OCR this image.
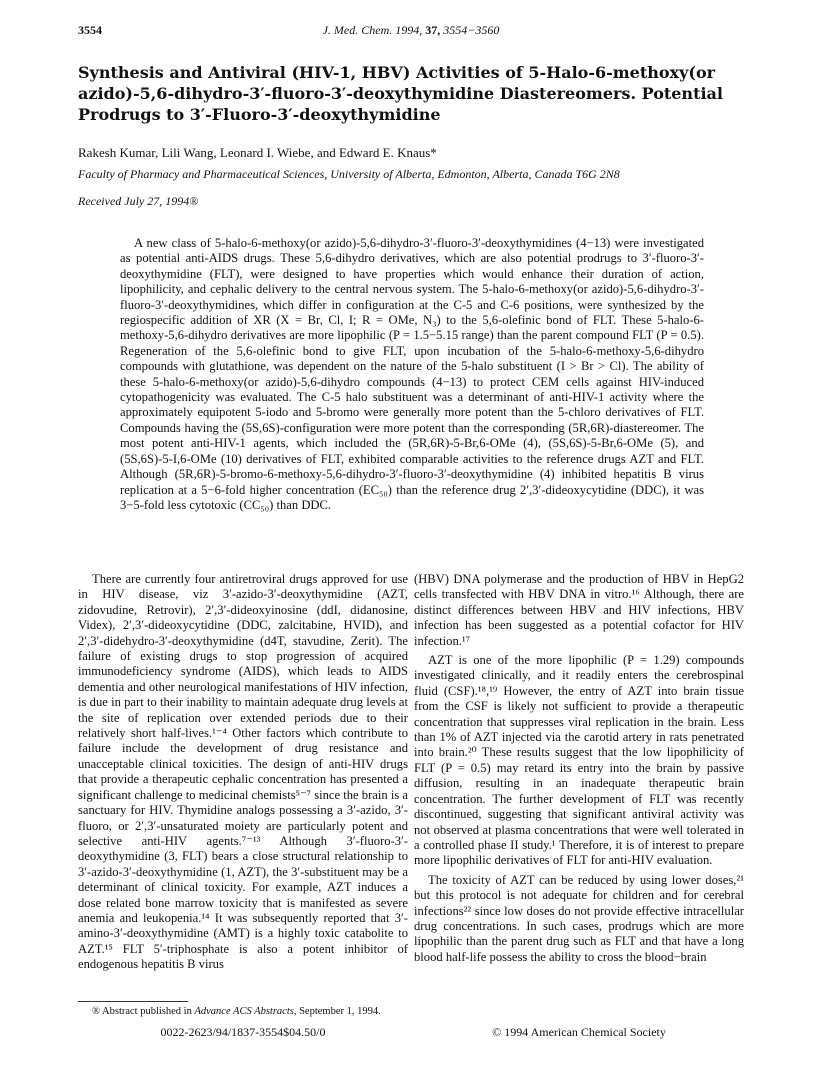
3554	J. Med. Chem. 1994, 37, 3554−3560
Synthesis and Antiviral (HIV-1, HBV) Activities of 5-Halo-6-methoxy(or azido)-5,6-dihydro-3′-fluoro-3′-deoxythymidine Diastereomers. Potential Prodrugs to 3′-Fluoro-3′-deoxythymidine
Rakesh Kumar, Lili Wang, Leonard I. Wiebe, and Edward E. Knaus*
Faculty of Pharmacy and Pharmaceutical Sciences, University of Alberta, Edmonton, Alberta, Canada T6G 2N8
Received July 27, 1994®

A new class of 5-halo-6-methoxy(or azido)-5,6-dihydro-3′-fluoro-3′-deoxythymidines (4−13) were investigated as potential anti-AIDS drugs. These 5,6-dihydro derivatives, which are also potential prodrugs to 3′-fluoro-3′-deoxythymidine (FLT), were designed to have properties which would enhance their duration of action, lipophilicity, and cephalic delivery to the central nervous system. The 5-halo-6-methoxy(or azido)-5,6-dihydro-3′-fluoro-3′-deoxythymidines, which differ in configuration at the C-5 and C-6 positions, were synthesized by the regiospecific addition of XR (X = Br, Cl, I; R = OMe, N₃) to the 5,6-olefinic bond of FLT. These 5-halo-6-methoxy-5,6-dihydro derivatives are more lipophilic (P = 1.5−5.15 range) than the parent compound FLT (P = 0.5). Regeneration of the 5,6-olefinic bond to give FLT, upon incubation of the 5-halo-6-methoxy-5,6-dihydro compounds with glutathione, was dependent on the nature of the 5-halo substituent (I > Br > Cl). The ability of these 5-halo-6-methoxy(or azido)-5,6-dihydro compounds (4−13) to protect CEM cells against HIV-induced cytopathogenicity was evaluated. The C-5 halo substituent was a determinant of anti-HIV-1 activity where the approximately equipotent 5-iodo and 5-bromo were generally more potent than the 5-chloro derivatives of FLT. Compounds having the (5S,6S)-configuration were more potent than the corresponding (5R,6R)-diastereomer. The most potent anti-HIV-1 agents, which included the (5R,6R)-5-Br,6-OMe (4), (5S,6S)-5-Br,6-OMe (5), and (5S,6S)-5-I,6-OMe (10) derivatives of FLT, exhibited comparable activities to the reference drugs AZT and FLT. Although (5R,6R)-5-bromo-6-methoxy-5,6-dihydro-3′-fluoro-3′-deoxythymidine (4) inhibited hepatitis B virus replication at a 5−6-fold higher concentration (EC₅₀) than the reference drug 2′,3′-dideoxycytidine (DDC), it was 3−5-fold less cytotoxic (CC₅₀) than DDC.

There are currently four antiretroviral drugs approved for use in HIV disease, viz 3′-azido-3′-deoxythymidine (AZT, zidovudine, Retrovir), 2′,3′-dideoxyinosine (ddI, didanosine, Videx), 2′,3′-dideoxycytidine (DDC, zalcitabine, HVID), and 2′,3′-didehydro-3′-deoxythymidine (d4T, stavudine, Zerit). The failure of existing drugs to stop progression of acquired immunodeficiency syndrome (AIDS), which leads to AIDS dementia and other neurological manifestations of HIV infection, is due in part to their inability to maintain adequate drug levels at the site of replication over extended periods due to their relatively short half-lives.¹⁻⁴ Other factors which contribute to failure include the development of drug resistance and unacceptable clinical toxicities. The design of anti-HIV drugs that provide a therapeutic cephalic concentration has presented a significant challenge to medicinal chemists⁵⁻⁷ since the brain is a sanctuary for HIV. Thymidine analogs possessing a 3′-azido, 3′-fluoro, or 2′,3′-unsaturated moiety are particularly potent and selective anti-HIV agents.⁷⁻¹³ Although 3′-fluoro-3′-deoxythymidine (3, FLT) bears a close structural relationship to 3′-azido-3′-deoxythymidine (1, AZT), the 3′-substituent may be a determinant of clinical toxicity. For example, AZT induces a dose related bone marrow toxicity that is manifested as severe anemia and leukopenia.¹⁴ It was subsequently reported that 3′-amino-3′-deoxythymidine (AMT) is a highly toxic catabolite to AZT.¹⁵ FLT 5′-triphosphate is also a potent inhibitor of endogenous hepatitis B virus

(HBV) DNA polymerase and the production of HBV in HepG2 cells transfected with HBV DNA in vitro.¹⁶ Although, there are distinct differences between HBV and HIV infections, HBV infection has been suggested as a potential cofactor for HIV infection.¹⁷

AZT is one of the more lipophilic (P = 1.29) compounds investigated clinically, and it readily enters the cerebrospinal fluid (CSF).¹⁸,¹⁹ However, the entry of AZT into brain tissue from the CSF is likely not sufficient to provide a therapeutic concentration that suppresses viral replication in the brain. Less than 1% of AZT injected via the carotid artery in rats penetrated into brain.²⁰ These results suggest that the low lipophilicity of FLT (P = 0.5) may retard its entry into the brain by passive diffusion, resulting in an inadequate therapeutic brain concentration. The further development of FLT was recently discontinued, suggesting that significant antiviral activity was not observed at plasma concentrations that were well tolerated in a controlled phase II study.¹ Therefore, it is of interest to prepare more lipophilic derivatives of FLT for anti-HIV evaluation.

The toxicity of AZT can be reduced by using lower doses,²¹ but this protocol is not adequate for children and for cerebral infections²² since low doses do not provide effective intracellular drug concentrations. In such cases, prodrugs which are more lipophilic than the parent drug such as FLT and that have a long blood half-life possess the ability to cross the blood−brain

® Abstract published in Advance ACS Abstracts, September 1, 1994.
0022-2623/94/1837-3554$04.50/0	© 1994 American Chemical Society
